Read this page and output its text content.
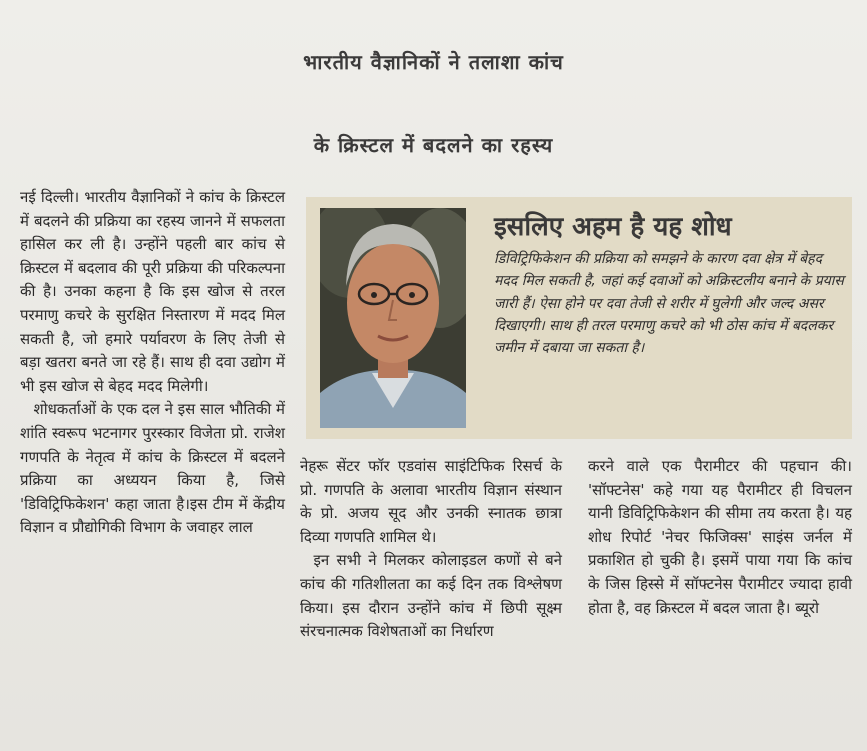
भारतीय वैज्ञानिकों ने तलाशा कांच
के क्रिस्टल में बदलने का रहस्य

नई दिल्ली। भारतीय वैज्ञानिकों ने कांच के क्रिस्टल में बदलने की प्रक्रिया का रहस्य जानने में सफलता हासिल कर ली है। उन्होंने पहली बार कांच से क्रिस्टल में बदलाव की पूरी प्रक्रिया की परिकल्पना की है। उनका कहना है कि इस खोज से तरल परमाणु कचरे के सुरक्षित निस्तारण में मदद मिल सकती है, जो हमारे पर्यावरण के लिए तेजी से बड़ा खतरा बनते जा रहे हैं। साथ ही दवा उद्योग में भी इस खोज से बेहद मदद मिलेगी।

शोधकर्ताओं के एक दल ने इस साल भौतिकी में शांति स्वरूप भटनागर पुरस्कार विजेता प्रो. राजेश गणपति के नेतृत्व में कांच के क्रिस्टल में बदलने प्रक्रिया का अध्ययन किया है, जिसे 'डिविट्रिफिकेशन' कहा जाता है।इस टीम में केंद्रीय विज्ञान व प्रौद्योगिकी विभाग के जवाहर लाल

इसलिए अहम है यह शोध
डिविट्रिफिकेशन की प्रक्रिया को समझने के कारण दवा क्षेत्र में बेहद मदद मिल सकती है, जहां कई दवाओं को अक्रिस्टलीय बनाने के प्रयास जारी हैं। ऐसा होने पर दवा तेजी से शरीर में घुलेगी और जल्द असर दिखाएगी। साथ ही तरल परमाणु कचरे को भी ठोस कांच में बदलकर जमीन में दबाया जा सकता है।

नेहरू सेंटर फॉर एडवांस साइंटिफिक रिसर्च के प्रो. गणपति के अलावा भारतीय विज्ञान संस्थान के प्रो. अजय सूद और उनकी स्नातक छात्रा दिव्या गणपति शामिल थे।

इन सभी ने मिलकर कोलाइडल कणों से बने कांच की गतिशीलता का कई दिन तक विश्लेषण किया। इस दौरान उन्होंने कांच में छिपी सूक्ष्म संरचनात्मक विशेषताओं का निर्धारण

करने वाले एक पैरामीटर की पहचान की। 'सॉफ्टनेस' कहे गया यह पैरामीटर ही विचलन यानी डिविट्रिफिकेशन की सीमा तय करता है। यह शोध रिपोर्ट 'नेचर फिजिक्स' साइंस जर्नल में प्रकाशित हो चुकी है। इसमें पाया गया कि कांच के जिस हिस्से में सॉफ्टनेस पैरामीटर ज्यादा हावी होता है, वह क्रिस्टल में बदल जाता है। ब्यूरो
